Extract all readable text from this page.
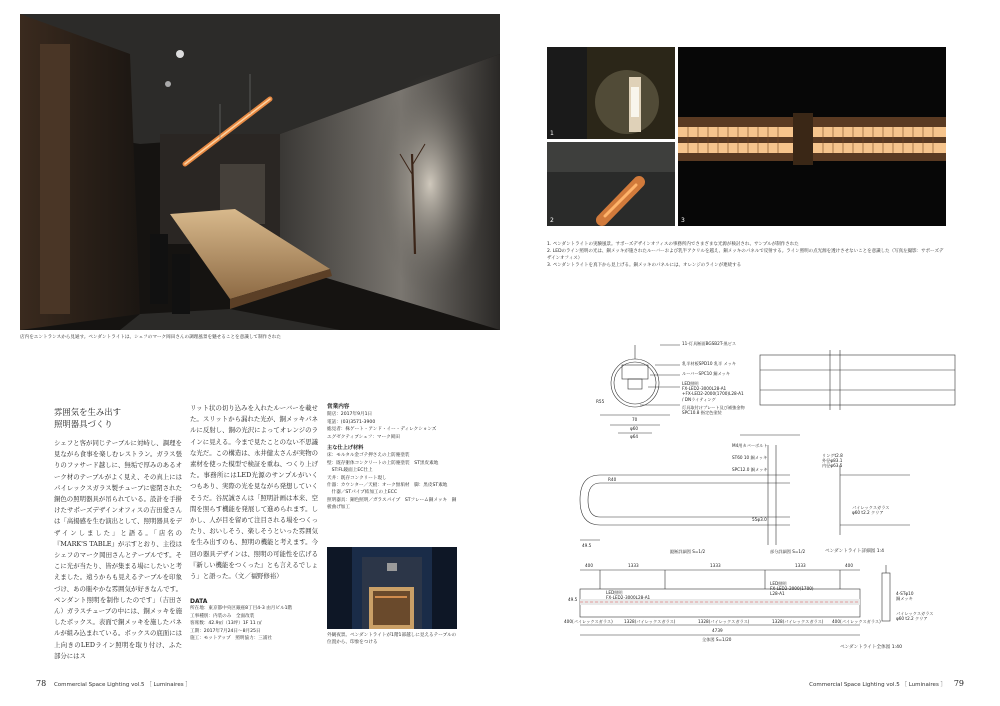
店内をエントランスから見通す。ペンダントライトは、シェフのマーク岡田さんの調理風景を魅せることを意識して制作された
雰囲気を生み出す
照明器具づくり
シェフと客が同じテーブルに対峙し、調理を見ながら食事を楽しむレストラン。ガラス張りのファサード越しに、無垢で厚みのあるオーク材のテーブルがよく見え、その真上にはパイレックスガラス製チューブに密閉された銅色の照明器具が吊られている。設計を手掛けたサポーズデザインオフィスの吉田愛さんは「高揚感を生む演出として、照明器具をデザインしました」と語る。「店名の『MARK'S TABLE』が示すとおり、主役はシェフのマーク岡田さんとテーブルです。そこに光が当たり、皆が集まる場にしたいと考えました。遠うからも見えるテーブルを印象づけ、あの賑やかな雰囲気が好きなんです。ペンダント照明を制作したのです」（吉田さん）ガラスチューブの中には、銅メッキを施したボックス。表面で銅メッキを施したパネルが組み込まれている。ボックスの底面には上向きのLEDライン照明を取り付け、ふた部分にはス
リット状の切り込みを入れたルーバーを載せた。スリットから漏れた光が、銅メッキパネルに反射し、銅の光沢によってオレンジのラインに見える。今まで見たことのない不思議な光だ。この構造は、永井健太さんが実物の素材を使った模型で検証を重ね、つくり上げた。事務所にはLED光源のサンプルがいくつもあり、実際の光を見ながら発想していくそうだ。谷尻誠さんは「照明計画は本来、空間を照らす機能を発展して進められます。しかし、人が目を留めて注目される場をつくったり、おいしそう、楽しそうといった雰囲気を生み出すのも、照明の機能と考えます。今回の器具デザインは、照明の可能性を広げる『新しい機能をつくった』とも言えるでしょう」と語った。（文／福野修裕）
営業内容
開店：2017年9月1日
電話：(03)3571-3900
総見者：株ゲート・アンド・イー・ディレクションズ
エグゼクティブシェフ：マーク岡田
主な仕上げ材料
床：モルタル金ゴテ押さえの上防塵塗装
壁：既存躯体コンクリートの上防塵塗装　ST黒皮素地
　ST:FL鏡面上EC仕上
天井：既存コンクリート現し
什器：カウンター／天板：オーク無垢材　脚：黒皮ST素地
　什器／STパイプ結加工の上ECC
照明器具：銅色照明／ガラスパイプ　STフレーム銅メッキ　銅板曲げ加工
DATA
所在地：東京都中央区銀座8丁目4-3 由月ビル1階
工事種別：内装のみ　全面改装
客席数：42.9㎡（13坪）1F 11 ㎡
工期：2017年7月24日〜8月25日
施工：モットアップ　照明協力：三浦社
外観夜景。ペンダントライトが1階1部越しに見えるテーブルの位置から、印象をつける
78 Commercial Space Lighting vol.5 ［ Luminaires ］
1
2	3
1. ペンダントライトの実験風景。サポーズデザインオフィスの事務所内でさまざまな光源が検討され、サンプルが制作された
2. LEDのライン照明の光は、銅メッキが施されたルーバーおよび乳半アクリルを越え、銅メッキのパネルで反射する。ライン照明の点光源を透けさせないことを意識した（写真左撮影：サポーズデザインオフィス）
3. ペンダントライトを真下から見上げる。銅メッキのパネルには、オレンジのラインが連続する
11-灯具断面BGSB2T-黒ビス
乳半材板SPD10 乳半 メッキ
ルーバーSPC10 銅メッキ
LED照明
FX-LED2-3000L28-A1
+FX-LED2-2000(1700)L28-A1
/ DNライティング
灯具取付けプレート及び補強金物
SPC10.8 指定色塗装
R55
70
φ60
φ64
M4用カバーボルト
ST60 10 銅メッキ
SPC12.0 銅メッキ
リングt2.8
外径φ83.1
内径φ63.5
パイレックスガラス
φ60 t2.2 クリア
R40
49.5
55φ3.0
縦断詳細図 S=1/2	部分詳細図 S=1/2	ペンダントライト詳細図 1:4
400	1333	1333	1333	400
LED照明
FX-LED2-3000L28-A1
LED照明
FX-LED2-2000(1700)
L28-A1	4-STφ10
銅メッキ
パイレックスガラス
φ60 t2.2 クリア
400(パイレックスガラス)	1328(パイレックスガラス)	1328(パイレックスガラス)	1328(パイレックスガラス) 400(パイレックスガラス)
4739
49.5
全体図 S=1/20
ペンダントライト全体図 1:40
Commercial Space Lighting vol.5 ［ Luminaires ］ 79
